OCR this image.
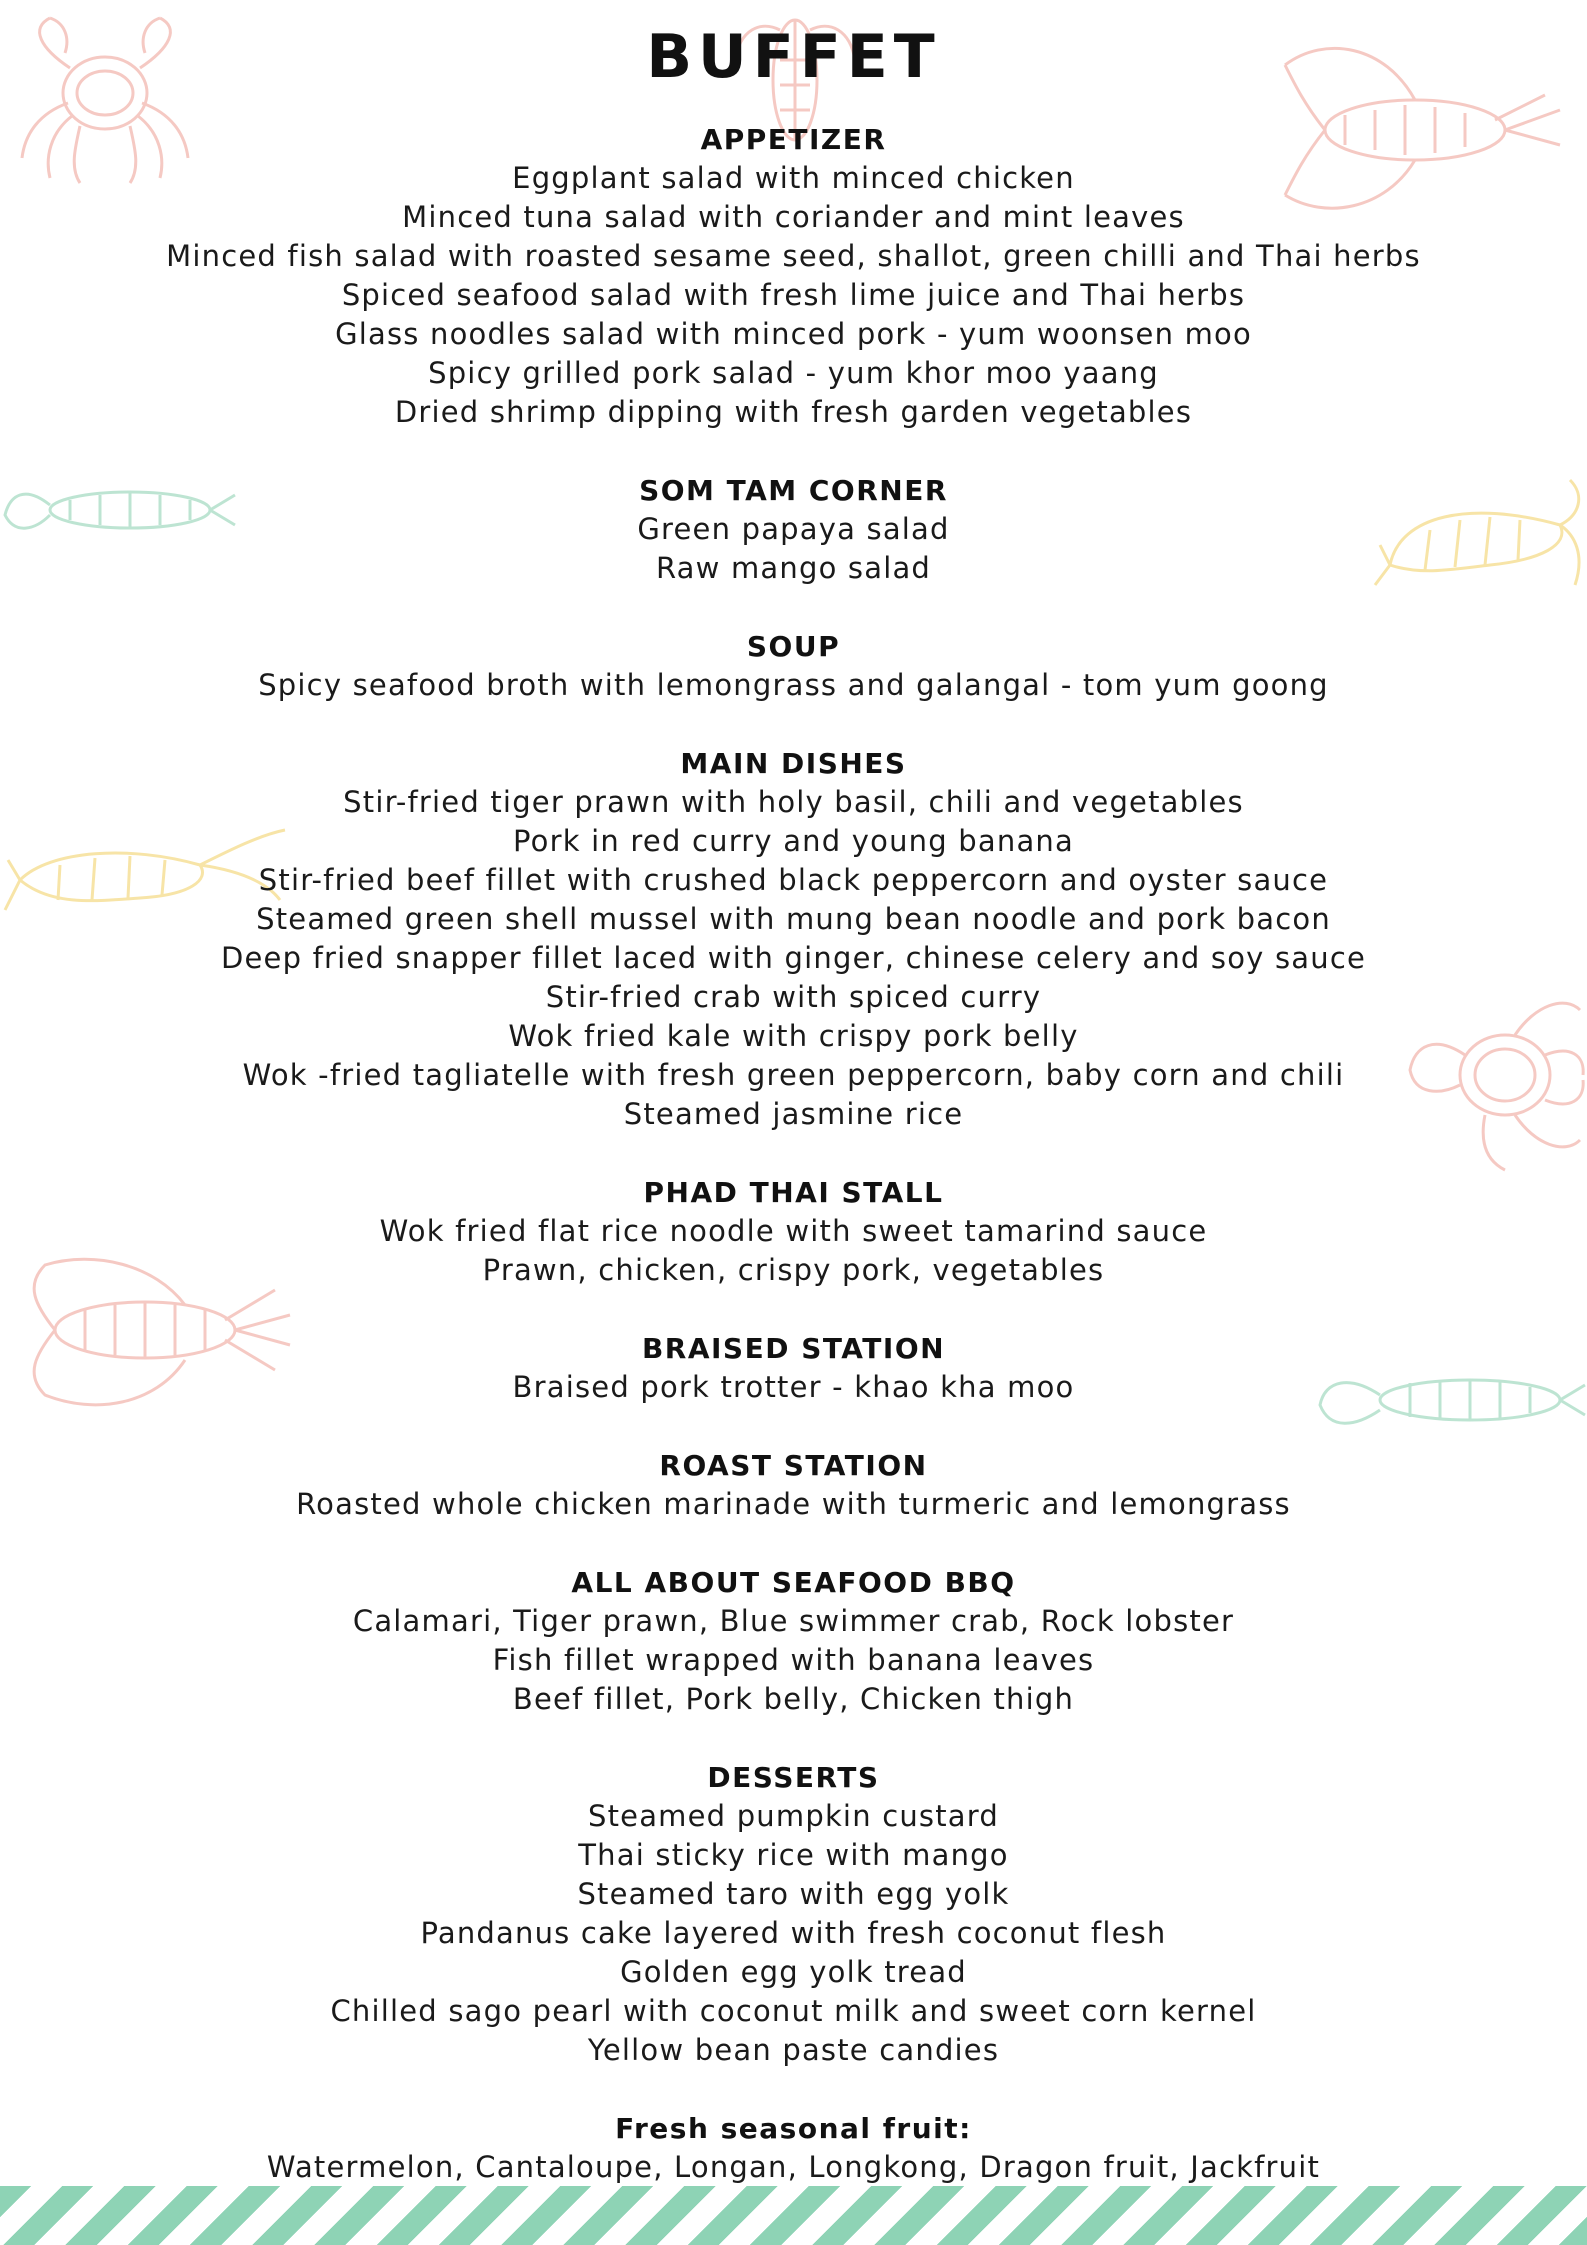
BUFFET
APPETIZER
Eggplant salad with minced chicken
Minced tuna salad with coriander and mint leaves
Minced fish salad with roasted sesame seed, shallot, green chilli and Thai herbs
Spiced seafood salad with fresh lime juice and Thai herbs
Glass noodles salad with minced pork - yum woonsen moo
Spicy grilled pork salad - yum khor moo yaang
Dried shrimp dipping with fresh garden vegetables
SOM TAM CORNER
Green papaya salad
Raw mango salad
SOUP
Spicy seafood broth with lemongrass and galangal - tom yum goong
MAIN DISHES
Stir-fried tiger prawn with holy basil, chili and vegetables
Pork in red curry and young banana
Stir-fried beef fillet with crushed black peppercorn and oyster sauce
Steamed green shell mussel with mung bean noodle and pork bacon
Deep fried snapper fillet laced with ginger, chinese celery and soy sauce
Stir-fried crab with spiced curry
Wok fried kale with crispy pork belly
Wok -fried tagliatelle with fresh green peppercorn, baby corn and chili
Steamed jasmine rice
PHAD THAI STALL
Wok fried flat rice noodle with sweet tamarind sauce
Prawn, chicken, crispy pork, vegetables
BRAISED STATION
Braised pork trotter - khao kha moo
ROAST STATION
Roasted whole chicken marinade with turmeric and lemongrass
ALL ABOUT SEAFOOD BBQ
Calamari, Tiger prawn, Blue swimmer crab, Rock lobster
Fish fillet wrapped with banana leaves
Beef fillet, Pork belly, Chicken thigh
DESSERTS
Steamed pumpkin custard
Thai sticky rice with mango
Steamed taro with egg yolk
Pandanus cake layered with fresh coconut flesh
Golden egg yolk tread
Chilled sago pearl with coconut milk and sweet corn kernel
Yellow bean paste candies
Fresh seasonal fruit:
Watermelon, Cantaloupe, Longan, Longkong, Dragon fruit, Jackfruit
